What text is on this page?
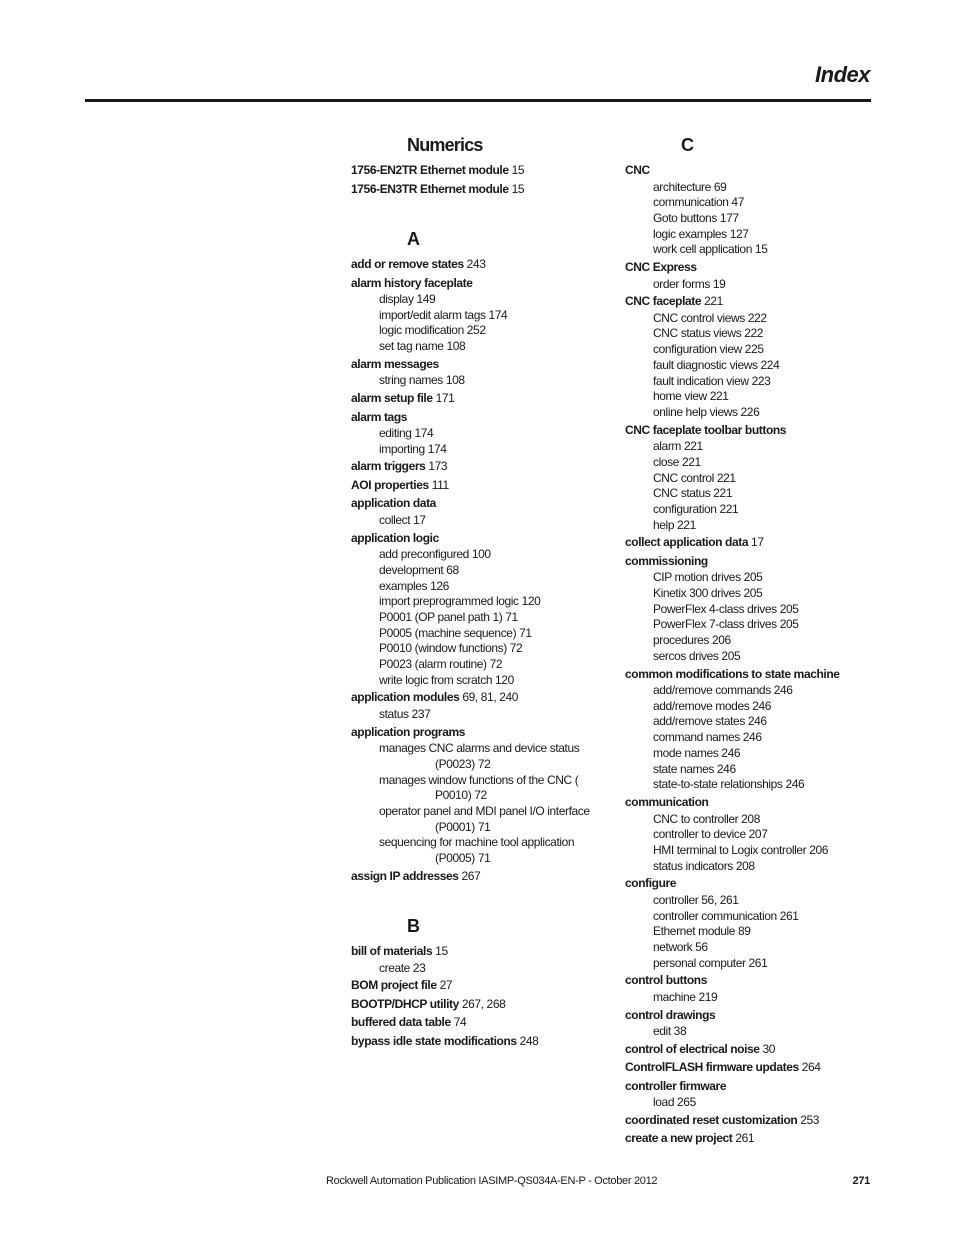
Index
Numerics
1756-EN2TR Ethernet module 15
1756-EN3TR Ethernet module 15
A
add or remove states 243
alarm history faceplate
display 149
import/edit alarm tags 174
logic modification 252
set tag name 108
alarm messages
string names 108
alarm setup file 171
alarm tags
editing 174
importing 174
alarm triggers 173
AOI properties 111
application data
collect 17
application logic
add preconfigured 100
development 68
examples 126
import preprogrammed logic 120
P0001 (OP panel path 1) 71
P0005 (machine sequence) 71
P0010 (window functions) 72
P0023 (alarm routine) 72
write logic from scratch 120
application modules 69, 81, 240
status 237
application programs
manages CNC alarms and device status
(P0023) 72
manages window functions of the CNC (
P0010) 72
operator panel and MDI panel I/O interface
(P0001) 71
sequencing for machine tool application
(P0005) 71
assign IP addresses 267
B
bill of materials 15
create 23
BOM project file 27
BOOTP/DHCP utility 267, 268
buffered data table 74
bypass idle state modifications 248
C
CNC
architecture 69
communication 47
Goto buttons 177
logic examples 127
work cell application 15
CNC Express
order forms 19
CNC faceplate 221
CNC control views 222
CNC status views 222
configuration view 225
fault diagnostic views 224
fault indication view 223
home view 221
online help views 226
CNC faceplate toolbar buttons
alarm 221
close 221
CNC control 221
CNC status 221
configuration 221
help 221
collect application data 17
commissioning
CIP motion drives 205
Kinetix 300 drives 205
PowerFlex 4-class drives 205
PowerFlex 7-class drives 205
procedures 206
sercos drives 205
common modifications to state machine
add/remove commands 246
add/remove modes 246
add/remove states 246
command names 246
mode names 246
state names 246
state-to-state relationships 246
communication
CNC to controller 208
controller to device 207
HMI terminal to Logix controller 206
status indicators 208
configure
controller 56, 261
controller communication 261
Ethernet module 89
network 56
personal computer 261
control buttons
machine 219
control drawings
edit 38
control of electrical noise 30
ControlFLASH firmware updates 264
controller firmware
load 265
coordinated reset customization 253
create a new project 261
Rockwell Automation Publication IASIMP-QS034A-EN-P - October 2012	271
